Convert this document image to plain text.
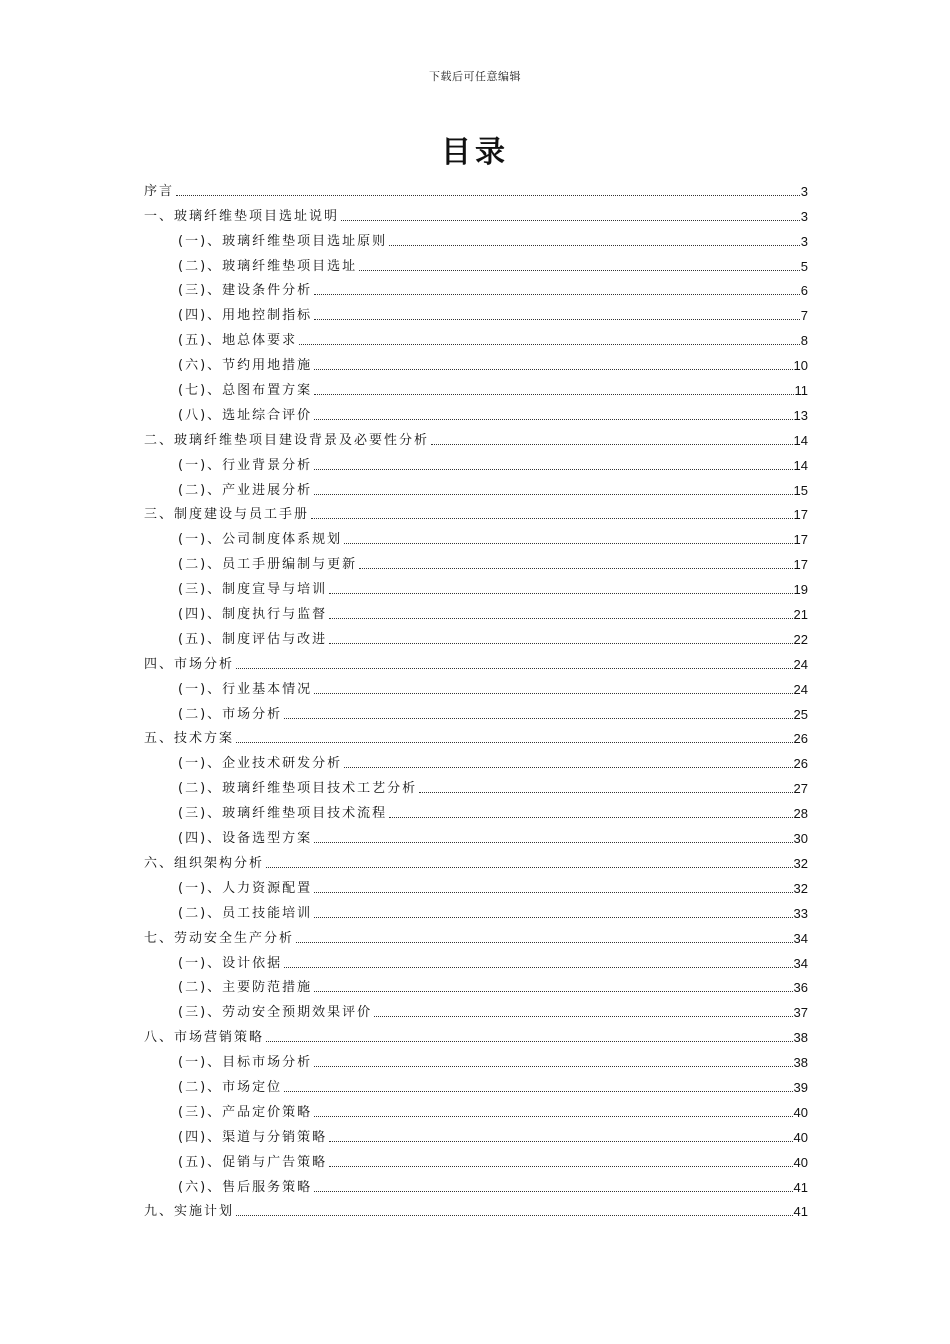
下载后可任意编辑
目录
序言	3
一、玻璃纤维垫项目选址说明	3
(一)、玻璃纤维垫项目选址原则	3
(二)、玻璃纤维垫项目选址	5
(三)、建设条件分析	6
(四)、用地控制指标	7
(五)、地总体要求	8
(六)、节约用地措施	10
(七)、总图布置方案	11
(八)、选址综合评价	13
二、玻璃纤维垫项目建设背景及必要性分析	14
(一)、行业背景分析	14
(二)、产业进展分析	15
三、制度建设与员工手册	17
(一)、公司制度体系规划	17
(二)、员工手册编制与更新	17
(三)、制度宣导与培训	19
(四)、制度执行与监督	21
(五)、制度评估与改进	22
四、市场分析	24
(一)、行业基本情况	24
(二)、市场分析	25
五、技术方案	26
(一)、企业技术研发分析	26
(二)、玻璃纤维垫项目技术工艺分析	27
(三)、玻璃纤维垫项目技术流程	28
(四)、设备选型方案	30
六、组织架构分析	32
(一)、人力资源配置	32
(二)、员工技能培训	33
七、劳动安全生产分析	34
(一)、设计依据	34
(二)、主要防范措施	36
(三)、劳动安全预期效果评价	37
八、市场营销策略	38
(一)、目标市场分析	38
(二)、市场定位	39
(三)、产品定价策略	40
(四)、渠道与分销策略	40
(五)、促销与广告策略	40
(六)、售后服务策略	41
九、实施计划	41
